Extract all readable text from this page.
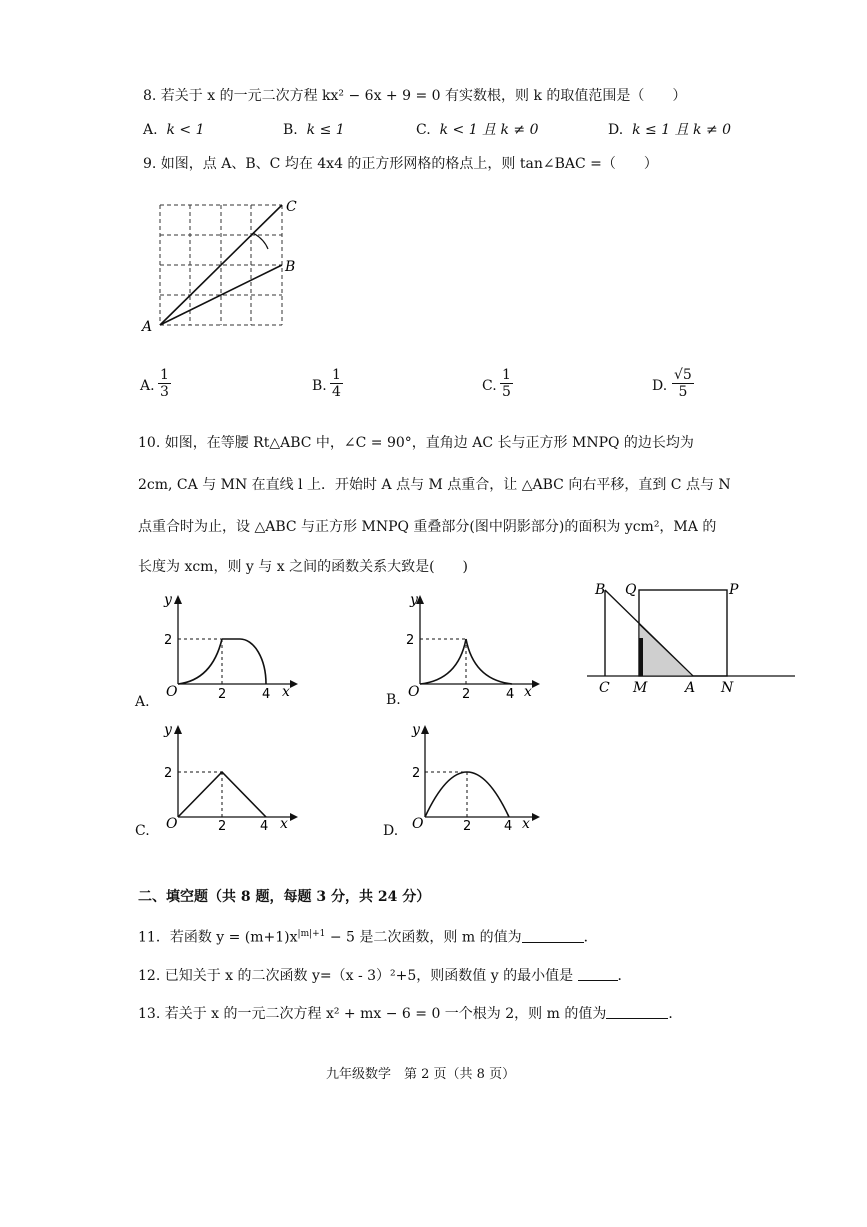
8. 若关于 x 的一元二次方程 kx² − 6x + 9 = 0 有实数根，则 k 的取值范围是（　　）
A. k < 1	B. k ≤ 1	C. k < 1 且 k ≠ 0	D. k ≤ 1 且 k ≠ 0
9. 如图，点 A、B、C 均在 4x4 的正方形网格的格点上，则 tan∠BAC =（　　）
A
B
C
A. $\frac{1}{3}$	B. $\frac{1}{4}$	C. $\frac{1}{5}$	D. $\frac{√5}{5}$
10. 如图，在等腰 Rt△ABC 中，∠C = 90°，直角边 AC 长与正方形 MNPQ 的边长均为
2cm, CA 与 MN 在直线 l 上．开始时 A 点与 M 点重合，让 △ABC 向右平移，直到 C 点与 N
点重合时为止，设 △ABC 与正方形 MNPQ 重叠部分(图中阴影部分)的面积为 ycm²，MA 的
长度为 xcm，则 y 与 x 之间的函数关系大致是(　　)
y
x
O
2
2	4
A.
y
x
O
2
2	4
B.
B Q	P
C M	A N
y
x
O
2
2	4
C.
y
x
O
2
2	4
D.
二、填空题（共 8 题，每题 3 分，共 24 分）
11．若函数 $y = (m+1)x^{|m|+1} - 5$ 是二次函数，则 m 的值为	．
12. 已知关于 x 的二次函数 y=（x - 3）²+5，则函数值 y 的最小值是	．
13. 若关于 x 的一元二次方程 x² + mx − 6 = 0 一个根为 2，则 m 的值为	．
九年级数学　第 2 页（共 8 页）
